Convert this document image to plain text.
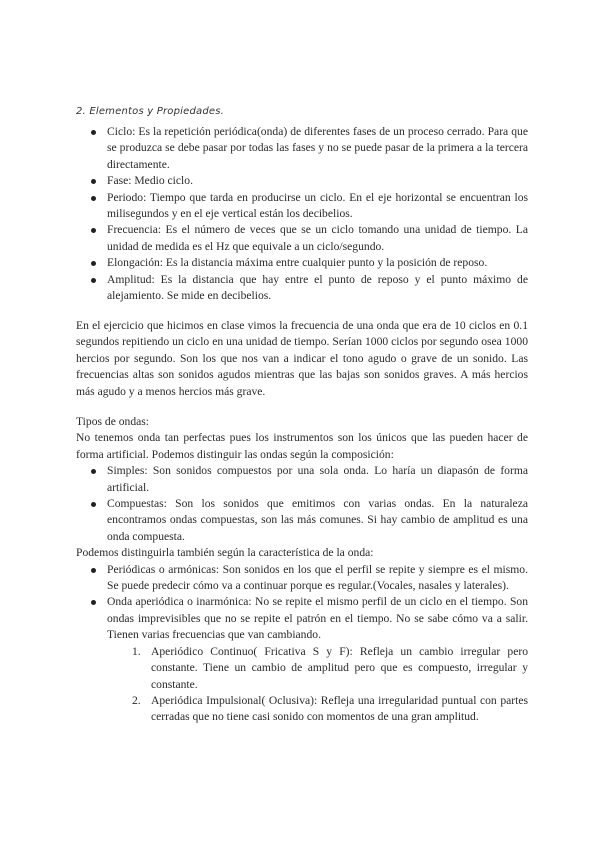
2. Elementos y Propiedades.
Ciclo: Es la repetición periódica(onda) de diferentes fases de un proceso cerrado. Para que se produzca se debe pasar por todas las fases y no se puede pasar de la primera a la tercera directamente.
Fase: Medio ciclo.
Periodo: Tiempo que tarda en producirse un ciclo. En el eje horizontal se encuentran los milisegundos y en el eje vertical están los decibelios.
Frecuencia: Es el número de veces que se un ciclo tomando una unidad de tiempo. La unidad de medida es el Hz que equivale a un ciclo/segundo.
Elongación: Es la distancia máxima entre cualquier punto y la posición de reposo.
Amplitud: Es la distancia que hay entre el punto de reposo y el punto máximo de alejamiento. Se mide en decibelios.

En el ejercicio que hicimos en clase vimos la frecuencia de una onda que era de 10 ciclos en 0.1 segundos repitiendo un ciclo en una unidad de tiempo. Serían 1000 ciclos por segundo osea 1000 hercios por segundo. Son los que nos van a indicar el tono agudo o grave de un sonido. Las frecuencias altas son sonidos agudos mientras que las bajas son sonidos graves. A más hercios más agudo y a menos hercios más grave.

Tipos de ondas:

No tenemos onda tan perfectas pues los instrumentos son los únicos que las pueden hacer de forma artificial. Podemos distinguir las ondas según la composición:

Simples: Son sonidos compuestos por una sola onda. Lo haría un diapasón de forma artificial.
Compuestas: Son los sonidos que emitimos con varias ondas. En la naturaleza encontramos ondas compuestas, son las más comunes. Si hay cambio de amplitud es una onda compuesta.

Podemos distinguirla también según la característica de la onda:

Periódicas o armónicas: Son sonidos en los que el perfil se repite y siempre es el mismo. Se puede predecir cómo va a continuar porque es regular.(Vocales, nasales y laterales).
Onda aperiódica o inarmónica: No se repite el mismo perfil de un ciclo en el tiempo. Son ondas imprevisibles que no se repite el patrón en el tiempo. No se sabe cómo va a salir. Tienen varias frecuencias que van cambiando.
1. Aperiódico Continuo( Fricativa S y F): Refleja un cambio irregular pero constante. Tiene un cambio de amplitud pero que es compuesto, irregular y constante.
2. Aperiódica Impulsional( Oclusiva): Refleja una irregularidad puntual con partes cerradas que no tiene casi sonido con momentos de una gran amplitud.
